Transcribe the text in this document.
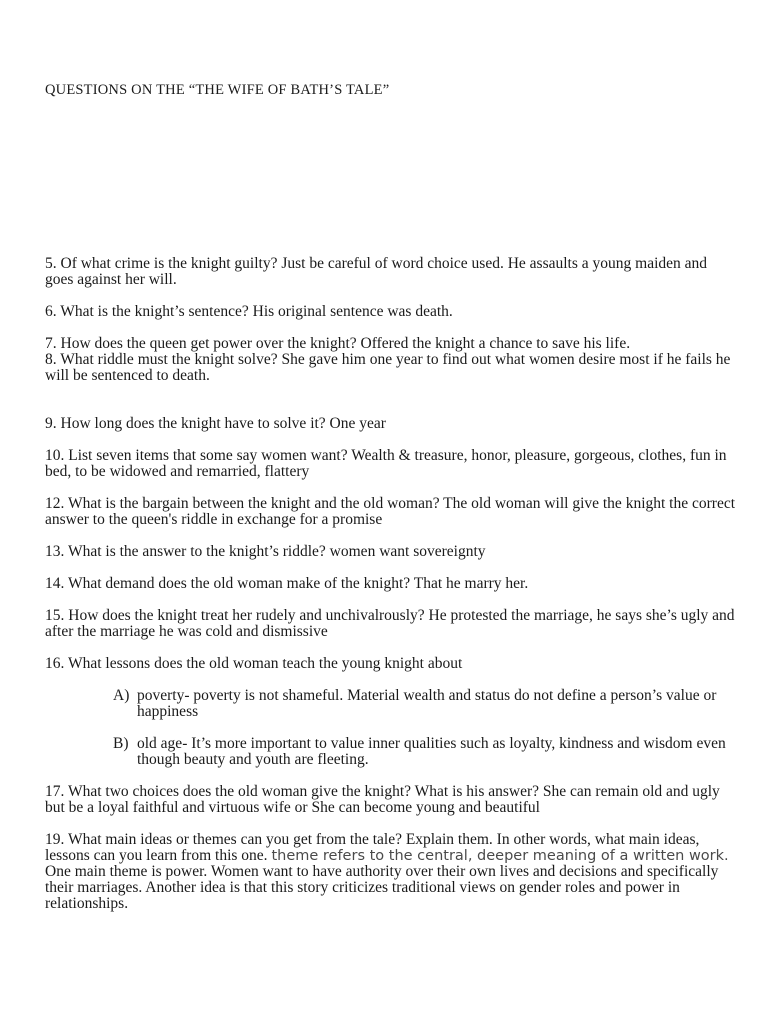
QUESTIONS ON THE “THE WIFE OF BATH’S TALE”

5. Of what crime is the knight guilty? Just be careful of word choice used. He assaults a young maiden and goes against her will.

6. What is the knight’s sentence? His original sentence was death.

7. How does the queen get power over the knight? Offered the knight a chance to save his life.

8. What riddle must the knight solve? She gave him one year to find out what women desire most if he fails he will be sentenced to death.

9. How long does the knight have to solve it? One year

10. List seven items that some say women want? Wealth & treasure, honor, pleasure, gorgeous, clothes, fun in bed, to be widowed and remarried, flattery

12. What is the bargain between the knight and the old woman? The old woman will give the knight the correct answer to the queen's riddle in exchange for a promise

13. What is the answer to the knight’s riddle? women want sovereignty

14. What demand does the old woman make of the knight? That he marry her.

15. How does the knight treat her rudely and unchivalrously? He protested the marriage, he says she’s ugly and after the marriage he was cold and dismissive

16. What lessons does the old woman teach the young knight about

A) poverty- poverty is not shameful. Material wealth and status do not define a person’s value or happiness
B) old age- It’s more important to value inner qualities such as loyalty, kindness and wisdom even though beauty and youth are fleeting.

17. What two choices does the old woman give the knight? What is his answer? She can remain old and ugly but be a loyal faithful and virtuous wife or She can become young and beautiful

19. What main ideas or themes can you get from the tale? Explain them. In other words, what main ideas, lessons can you learn from this one. theme refers to the central, deeper meaning of a written work. One main theme is power. Women want to have authority over their own lives and decisions and specifically their marriages. Another idea is that this story criticizes traditional views on gender roles and power in relationships.
